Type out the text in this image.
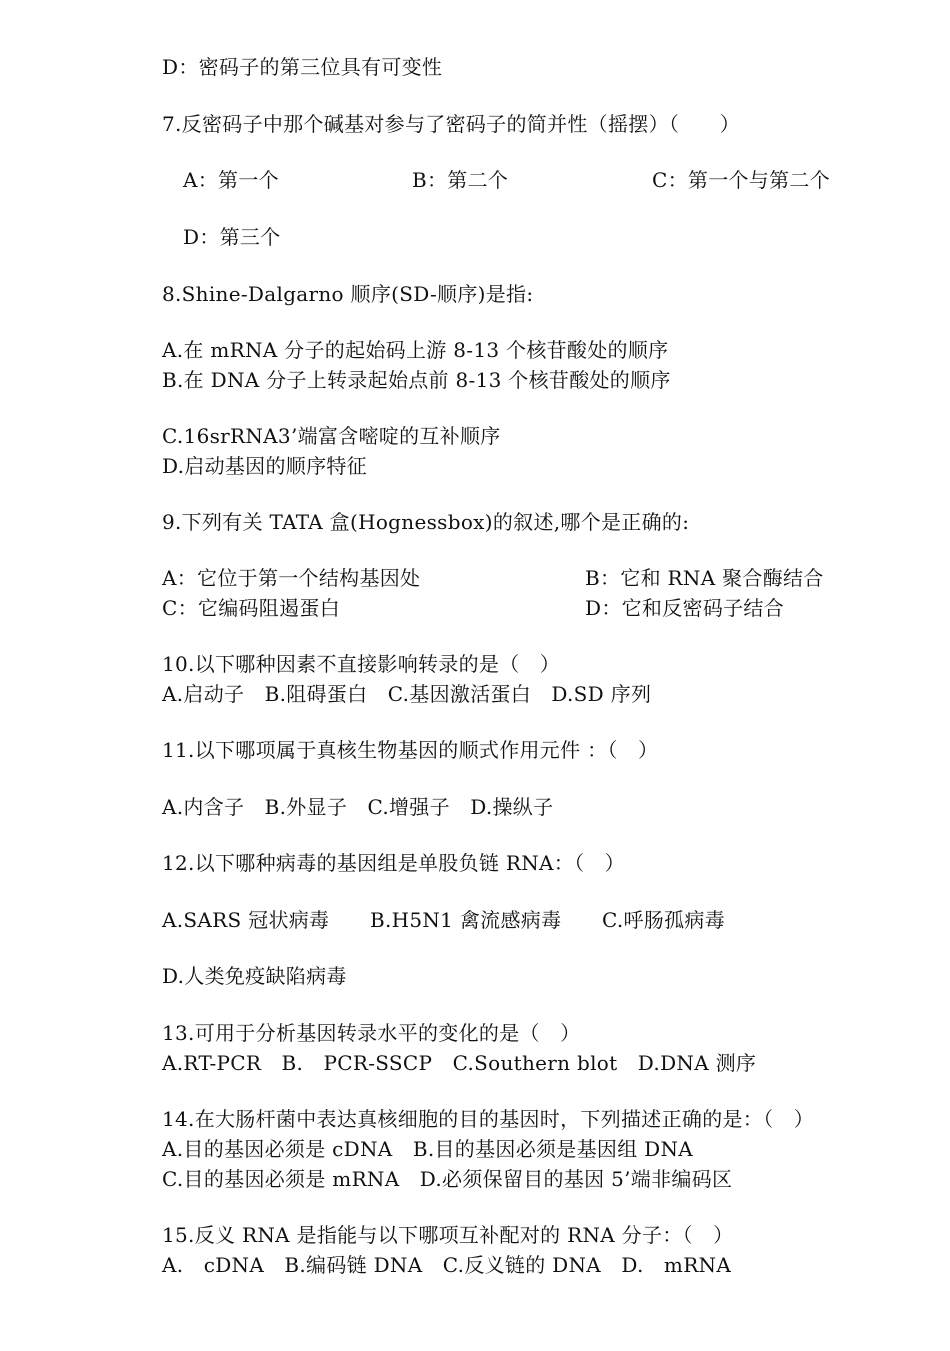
D：密码子的第三位具有可变性
7.反密码子中那个碱基对参与了密码子的简并性（摇摆）（　　）
A：第一个	B：第二个	C：第一个与第二个
D：第三个
8.Shine-Dalgarno 顺序(SD-顺序)是指:
A.在 mRNA 分子的起始码上游 8-13 个核苷酸处的顺序
B.在 DNA 分子上转录起始点前 8-13 个核苷酸处的顺序
C.16srRNA3’端富含嘧啶的互补顺序
D.启动基因的顺序特征
9.下列有关 TATA 盒(Hognessbox)的叙述,哪个是正确的:
A：它位于第一个结构基因处	B：它和 RNA 聚合酶结合
C：它编码阻遏蛋白	D：它和反密码子结合
10.以下哪种因素不直接影响转录的是（　）
A.启动子　B.阻碍蛋白　C.基因激活蛋白　D.SD 序列
11.以下哪项属于真核生物基因的顺式作用元件 ：（　）
A.内含子　B.外显子　C.增强子　D.操纵子
12.以下哪种病毒的基因组是单股负链 RNA：（　）
A.SARS 冠状病毒　　B.H5N1 禽流感病毒　　C.呼肠孤病毒
D.人类免疫缺陷病毒
13.可用于分析基因转录水平的变化的是（　）
A.RT-PCR　B.　PCR-SSCP　C.Southern blot　D.DNA 测序
14.在大肠杆菌中表达真核细胞的目的基因时，下列描述正确的是：（　）
A.目的基因必须是 cDNA　B.目的基因必须是基因组 DNA
C.目的基因必须是 mRNA　D.必须保留目的基因 5’端非编码区
15.反义 RNA 是指能与以下哪项互补配对的 RNA 分子：（　）
A.　cDNA　B.编码链 DNA　C.反义链的 DNA　D.　mRNA
